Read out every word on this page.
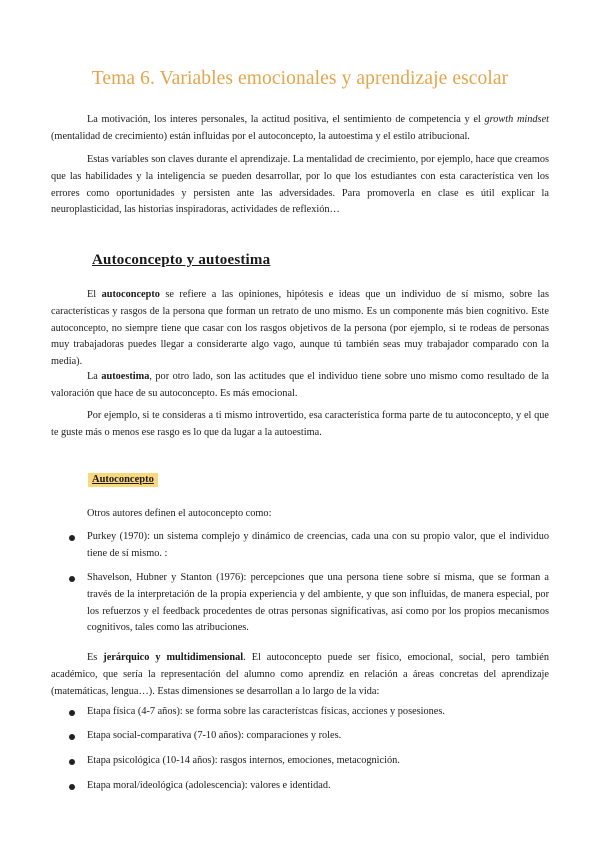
Tema 6. Variables emocionales y aprendizaje escolar

La motivación, los interes personales, la actitud positiva, el sentimiento de competencia y el growth mindset (mentalidad de crecimiento) están influidas por el autoconcepto, la autoestima y el estilo atribucional.

Estas variables son claves durante el aprendizaje. La mentalidad de crecimiento, por ejemplo, hace que creamos que las habilidades y la inteligencia se pueden desarrollar, por lo que los estudiantes con esta característica ven los errores como oportunidades y persisten ante las adversidades. Para promoverla en clase es útil explicar la neuroplasticidad, las historias inspiradoras, actividades de reflexión…

Autoconcepto y autoestima

El autoconcepto se refiere a las opiniones, hipótesis e ideas que un individuo de sí mismo, sobre las características y rasgos de la persona que forman un retrato de uno mismo. Es un componente más bien cognitivo. Este autoconcepto, no siempre tiene que casar con los rasgos objetivos de la persona (por ejemplo, si te rodeas de personas muy trabajadoras puedes llegar a considerarte algo vago, aunque tú también seas muy trabajador comparado con la media).

La autoestima, por otro lado, son las actitudes que el individuo tiene sobre uno mismo como resultado de la valoración que hace de su autoconcepto. Es más emocional.

Por ejemplo, si te consideras a ti mismo introvertido, esa característica forma parte de tu autoconcepto, y el que te guste más o menos ese rasgo es lo que da lugar a la autoestima.

Autoconcepto

Otros autores definen el autoconcepto como:

Purkey (1970): un sistema complejo y dinámico de creencias, cada una con su propio valor, que el individuo tiene de sí mismo. :

Shavelson, Hubner y Stanton (1976): percepciones que una persona tiene sobre sí misma, que se forman a través de la interpretación de la propia experiencia y del ambiente, y que son influidas, de manera especial, por los refuerzos y el feedback procedentes de otras personas significativas, así como por los propios mecanismos cognitivos, tales como las atribuciones.

Es jerárquico y multidimensional. El autoconcepto puede ser físico, emocional, social, pero también académico, que sería la representación del alumno como aprendiz en relación a áreas concretas del aprendizaje (matemáticas, lengua…). Estas dimensiones se desarrollan a lo largo de la vida:

Etapa física (4-7 años): se forma sobre las característcas físicas, acciones y posesiones.

Etapa social-comparativa (7-10 años): comparaciones y roles.

Etapa psicológica (10-14 años): rasgos internos, emociones, metacognición.

Etapa moral/ideológica (adolescencia): valores e identidad.
